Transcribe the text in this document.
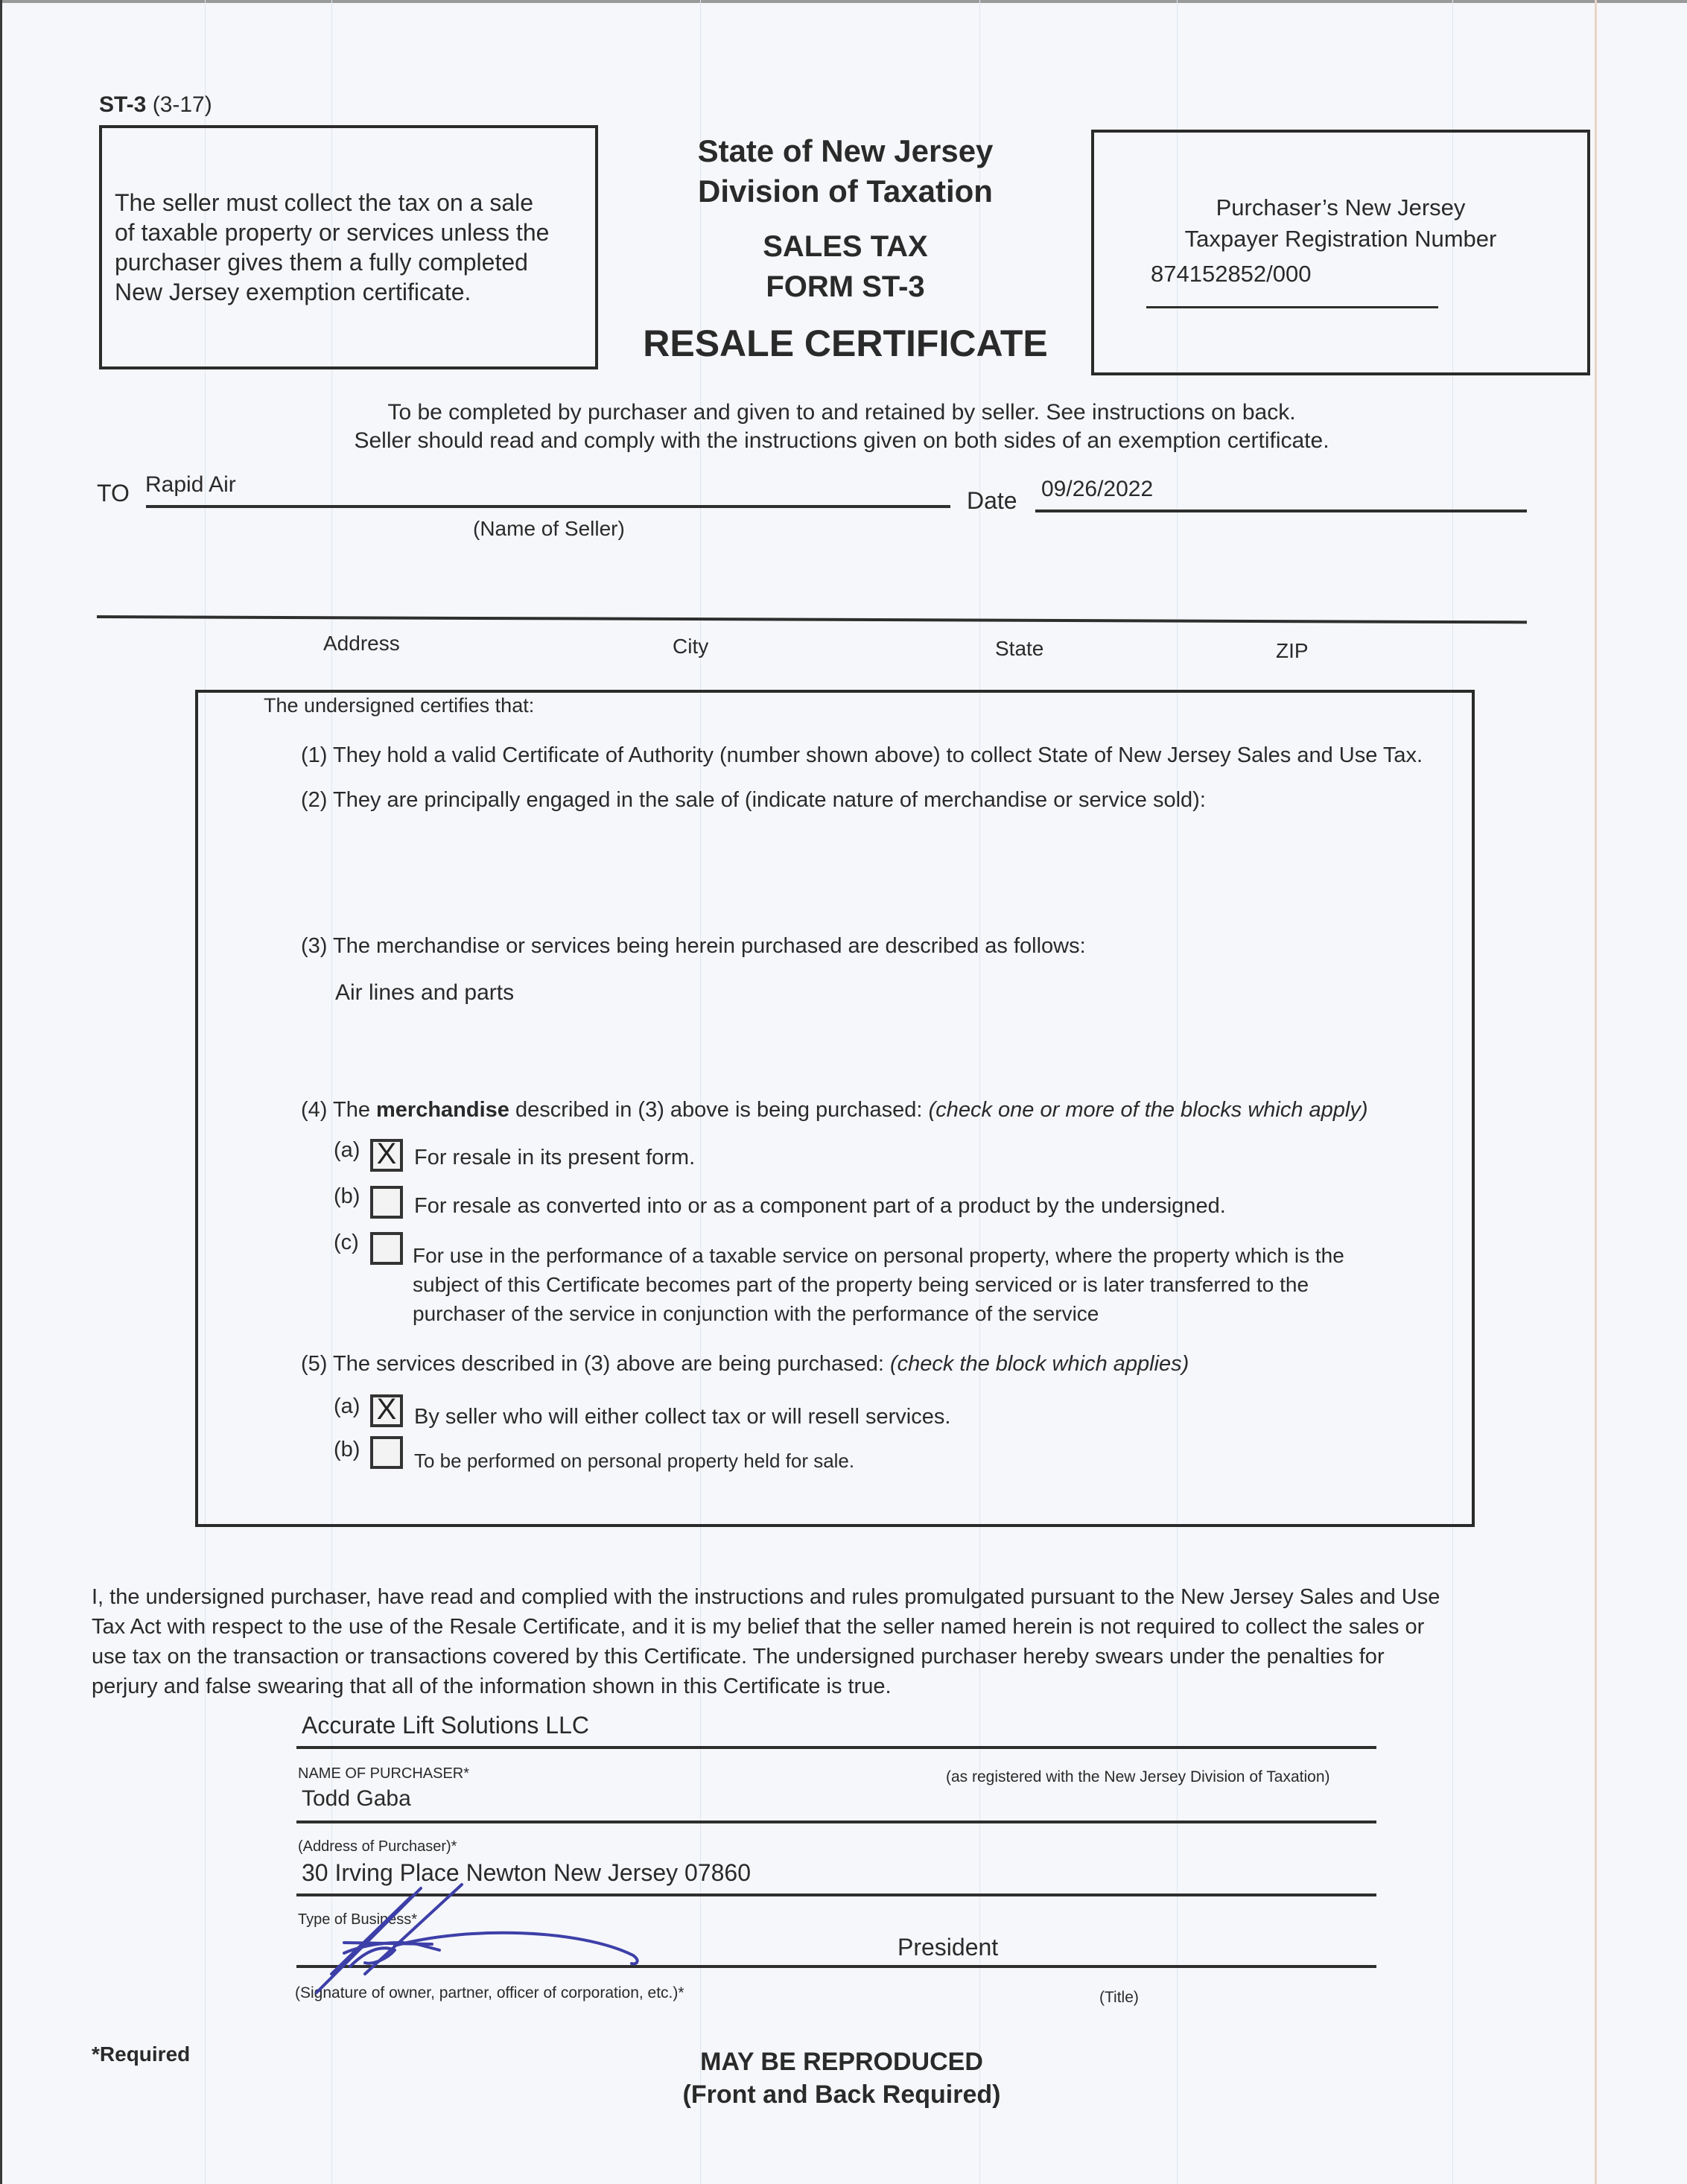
ST-3 (3-17)
The seller must collect the tax on a sale
of taxable property or services unless the
purchaser gives them a fully completed
New Jersey exemption certificate.
State of New Jersey
Division of Taxation
SALES TAX
FORM ST-3
RESALE CERTIFICATE
Purchaser’s New Jersey
Taxpayer Registration Number
874152852/000
To be completed by purchaser and given to and retained by seller. See instructions on back.
Seller should read and comply with the instructions given on both sides of an exemption certificate.
TO Rapid Air
(Name of Seller)
Date 09/26/2022
Address	City	State	ZIP
The undersigned certifies that:
(1) They hold a valid Certificate of Authority (number shown above) to collect State of New Jersey Sales and Use Tax.
(2) They are principally engaged in the sale of (indicate nature of merchandise or service sold):
(3) The merchandise or services being herein purchased are described as follows:
Air lines and parts
(4) The merchandise described in (3) above is being purchased: (check one or more of the blocks which apply)
(a) X For resale in its present form.
(b)	For resale as converted into or as a component part of a product by the undersigned.
(c)
For use in the performance of a taxable service on personal property, where the property which is the
subject of this Certificate becomes part of the property being serviced or is later transferred to the
purchaser of the service in conjunction with the performance of the service
(5) The services described in (3) above are being purchased: (check the block which applies)
(a) X By seller who will either collect tax or will resell services.
(b)	To be performed on personal property held for sale.
I, the undersigned purchaser, have read and complied with the instructions and rules promulgated pursuant to the New Jersey Sales and Use
Tax Act with respect to the use of the Resale Certificate, and it is my belief that the seller named herein is not required to collect the sales or
use tax on the transaction or transactions covered by this Certificate. The undersigned purchaser hereby swears under the penalties for
perjury and false swearing that all of the information shown in this Certificate is true.
Accurate Lift Solutions LLC
NAME OF PURCHASER*	(as registered with the New Jersey Division of Taxation)
Todd Gaba
(Address of Purchaser)*
30 Irving Place Newton New Jersey 07860
Type of Business*
President
(Signature of owner, partner, officer of corporation, etc.)*	(Title)
*Required	MAY BE REPRODUCED
(Front and Back Required)
